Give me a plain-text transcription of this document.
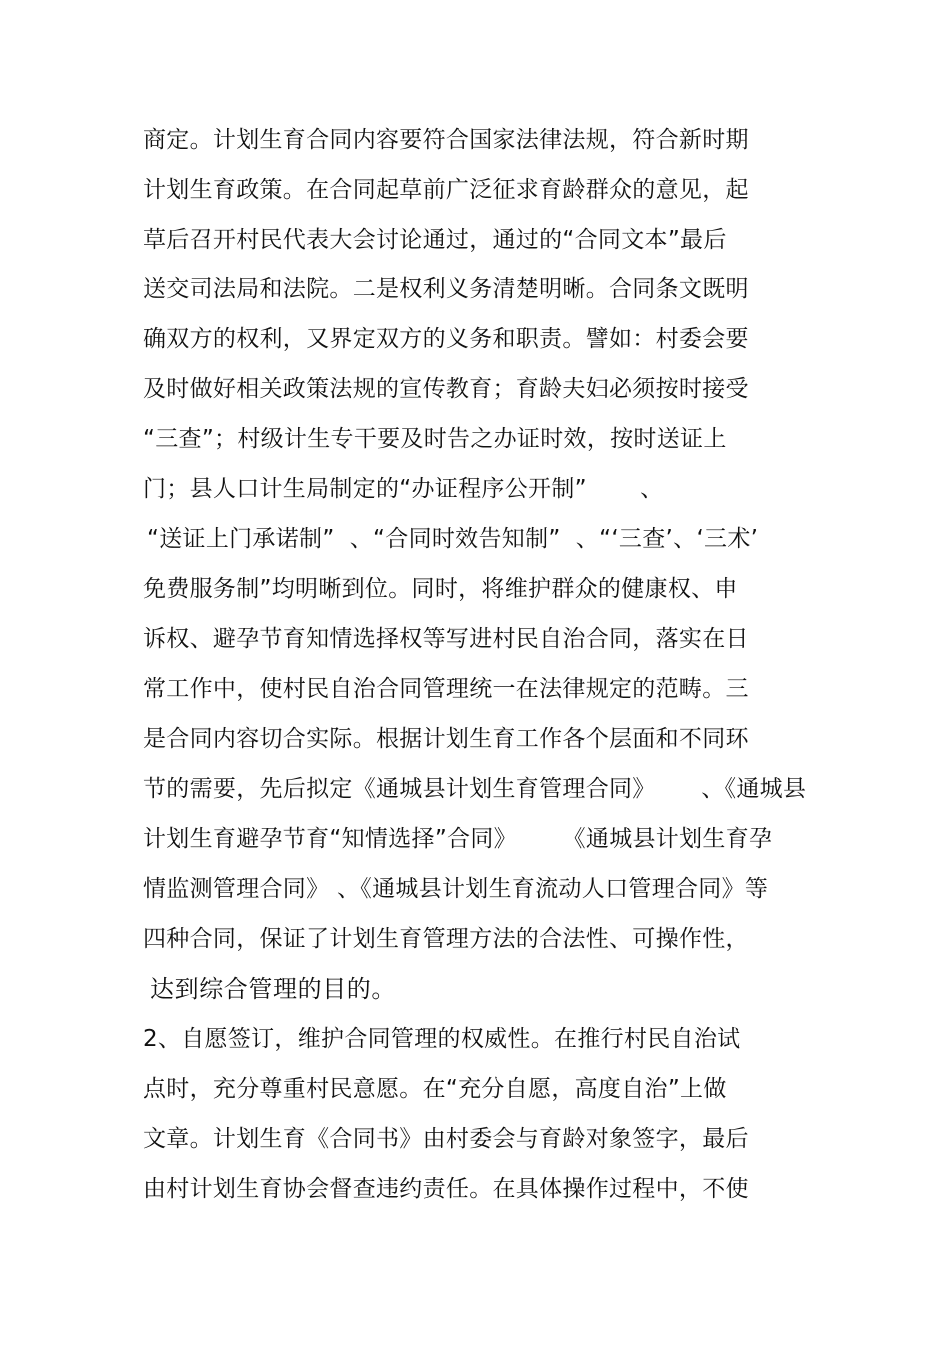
商定。计划生育合同内容要符合国家法律法规，符合新时期
计划生育政策。在合同起草前广泛征求育龄群众的意见，起
草后召开村民代表大会讨论通过，通过的“合同文本”最后
送交司法局和法院。二是权利义务清楚明晰。合同条文既明
确双方的权利，又界定双方的义务和职责。譬如：村委会要
及时做好相关政策法规的宣传教育；育龄夫妇必须按时接受
“三查”；村级计生专干要及时告之办证时效，按时送证上
门；县人口计生局制定的“办证程序公开制”       、
“送证上门承诺制”  、“合同时效告知制”  、“‘三查’、‘三术’
免费服务制”均明晰到位。同时，将维护群众的健康权、申
诉权、避孕节育知情选择权等写进村民自治合同，落实在日
常工作中，使村民自治合同管理统一在法律规定的范畴。三
是合同内容切合实际。根据计划生育工作各个层面和不同环
节的需要，先后拟定《通城县计划生育管理合同》      、《通城县
计划生育避孕节育“知情选择”合同》      《通城县计划生育孕
情监测管理合同》 、《通城县计划生育流动人口管理合同》等
四种合同，保证了计划生育管理方法的合法性、可操作性，
达到综合管理的目的。
2、自愿签订，维护合同管理的权威性。在推行村民自治试
点时，充分尊重村民意愿。在“充分自愿，高度自治”上做
文章。计划生育《合同书》由村委会与育龄对象签字，最后
由村计划生育协会督查违约责任。在具体操作过程中，不使
